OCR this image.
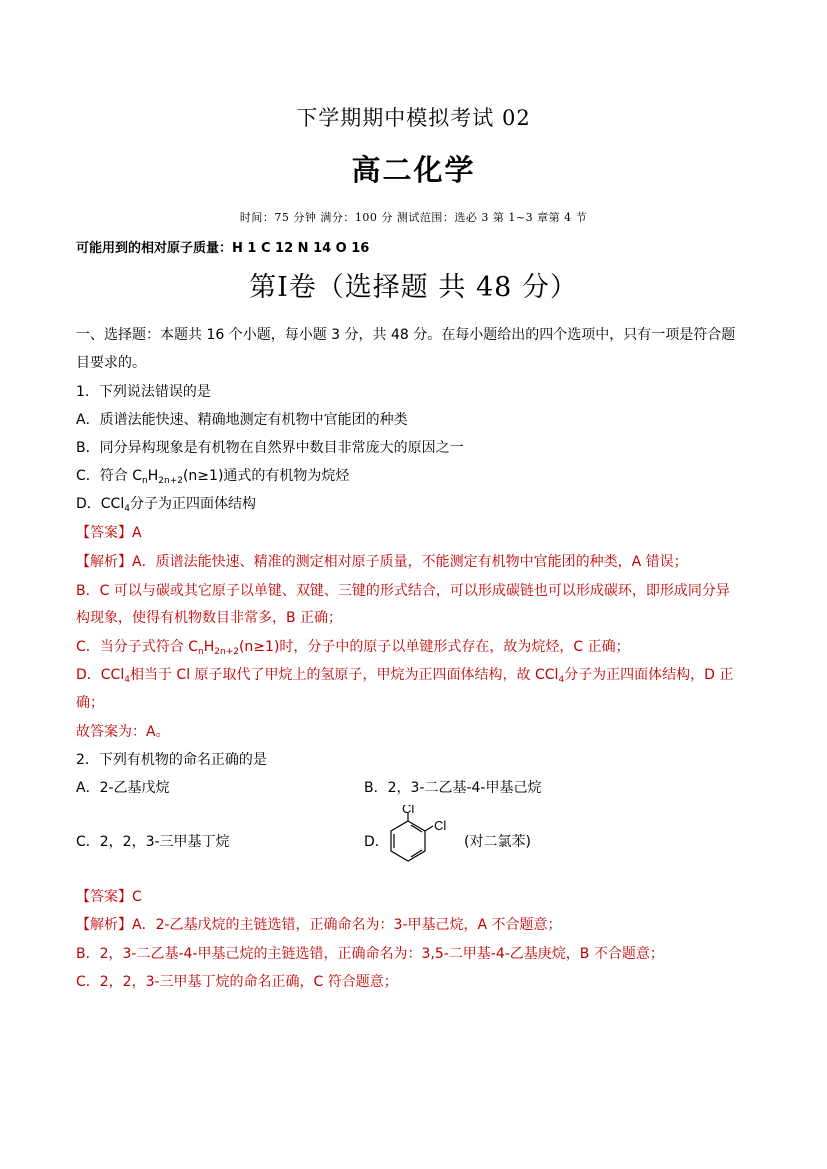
下学期期中模拟考试 02
高二化学
时间：75 分钟 满分：100 分 测试范围：选必 3 第 1~3 章第 4 节
可能用到的相对原子质量：H 1 C 12 N 14 O 16
第Ⅰ卷（选择题 共 48 分）
一、选择题：本题共 16 个小题，每小题 3 分，共 48 分。在每小题给出的四个选项中，只有一项是符合题
目要求的。
1．下列说法错误的是
A．质谱法能快速、精确地测定有机物中官能团的种类
B．同分异构现象是有机物在自然界中数目非常庞大的原因之一
C．符合 $C_nH_{2n+2}(n\ge 1)$通式的有机物为烷烃
D．CCl$_4$分子为正四面体结构
【答案】A
【解析】A．质谱法能快速、精准的测定相对原子质量，不能测定有机物中官能团的种类，A 错误；
B．C 可以与碳或其它原子以单键、双键、三键的形式结合，可以形成碳链也可以形成碳环，即形成同分异
构现象，使得有机物数目非常多，B 正确；
C．当分子式符合 $C_nH_{2n+2}(n\ge 1)$时，分子中的原子以单键形式存在，故为烷烃，C 正确；
D．CCl$_4$相当于 Cl 原子取代了甲烷上的氢原子，甲烷为正四面体结构，故 CCl$_4$分子为正四面体结构，D 正
确；
故答案为：A。
2．下列有机物的命名正确的是
A．2-乙基戊烷	B．2，3-二乙基-4-甲基己烷
C．2，2，3-三甲基丁烷	D．
Cl
Cl
(对二氯苯)
【答案】C
【解析】A．2-乙基戊烷的主链选错，正确命名为：3-甲基己烷，A 不合题意；
B．2，3-二乙基-4-甲基己烷的主链选错，正确命名为：3,5-二甲基-4-乙基庚烷，B 不合题意；
C．2，2，3-三甲基丁烷的命名正确，C 符合题意；
